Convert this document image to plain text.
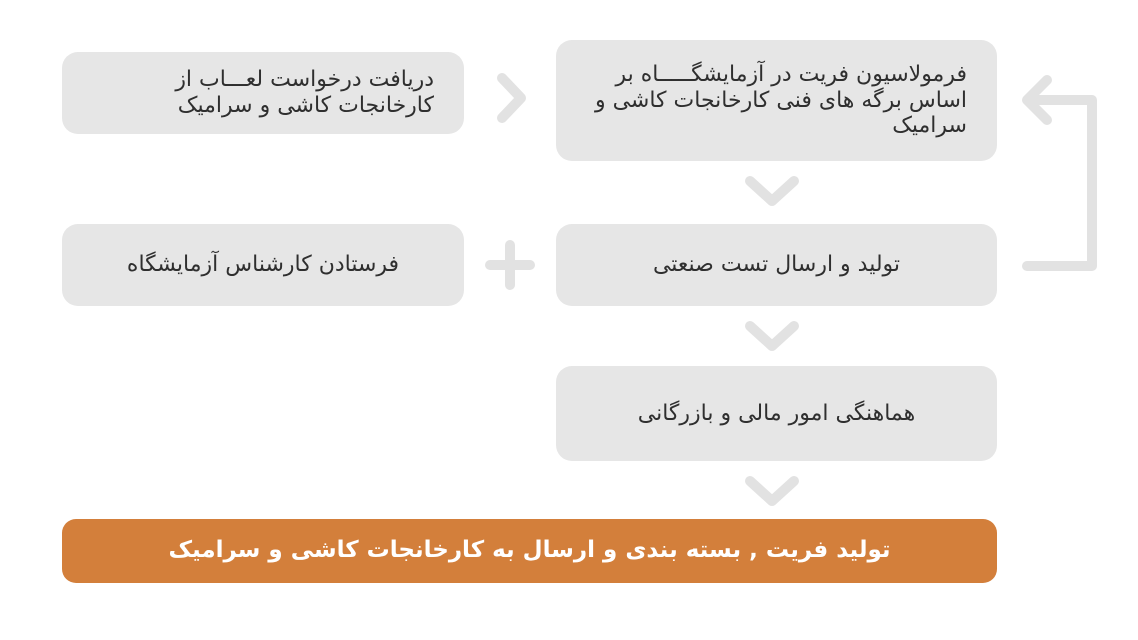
دریافت درخواست لعـــاب از کارخانجات کاشی و سرامیک
فرمولاسیون فریت در آزمایشگـــــاه بر اساس برگه های فنی کارخانجات کاشی و سرامیک
فرستادن کارشناس آزمایشگاه	تولید و ارسال تست صنعتی
هماهنگی امور مالی و بازرگانی
تولید فریت , بسته بندی و ارسال به کارخانجات کاشی و سرامیک
